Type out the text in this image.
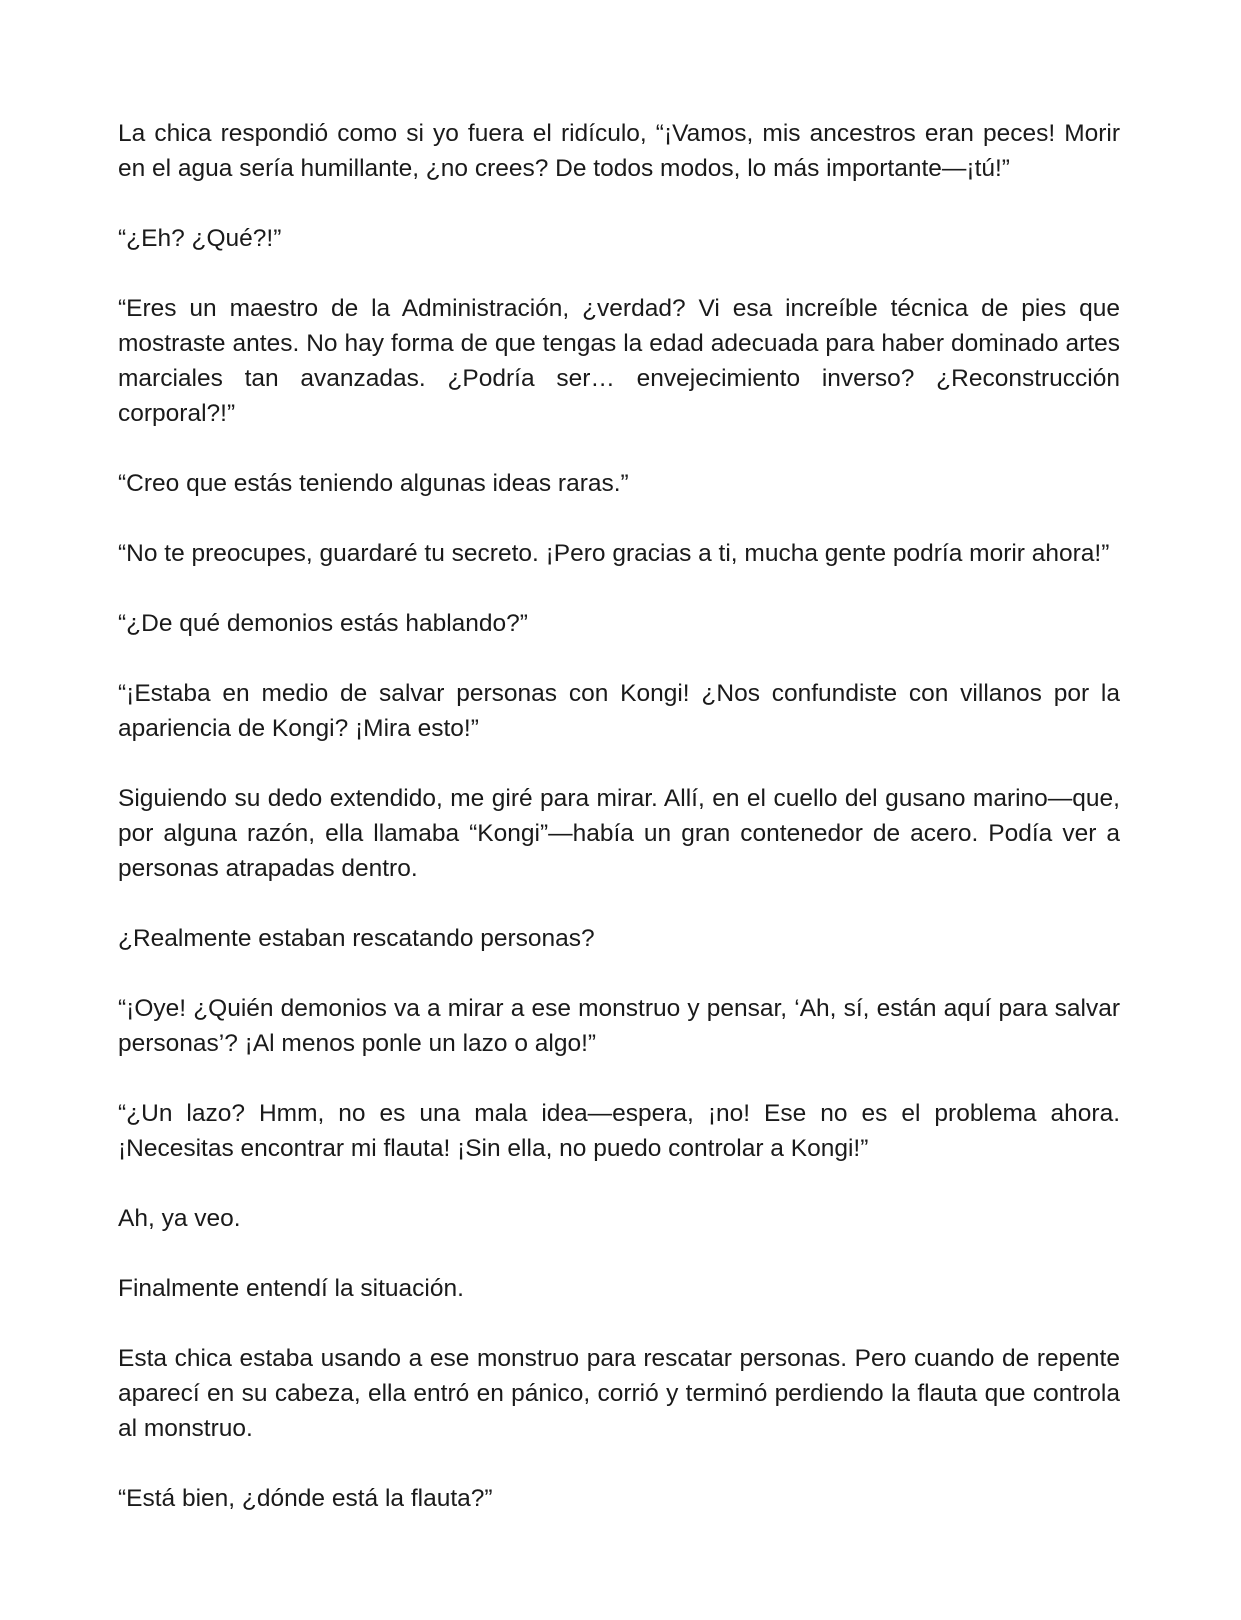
La chica respondió como si yo fuera el ridículo, “¡Vamos, mis ancestros eran peces! Morir en el agua sería humillante, ¿no crees? De todos modos, lo más importante—¡tú!”

“¿Eh? ¿Qué?!”

“Eres un maestro de la Administración, ¿verdad? Vi esa increíble técnica de pies que mostraste antes. No hay forma de que tengas la edad adecuada para haber dominado artes marciales tan avanzadas. ¿Podría ser… envejecimiento inverso? ¿Reconstrucción corporal?!”

“Creo que estás teniendo algunas ideas raras.”

“No te preocupes, guardaré tu secreto. ¡Pero gracias a ti, mucha gente podría morir ahora!”

“¿De qué demonios estás hablando?”

“¡Estaba en medio de salvar personas con Kongi! ¿Nos confundiste con villanos por la apariencia de Kongi? ¡Mira esto!”

Siguiendo su dedo extendido, me giré para mirar. Allí, en el cuello del gusano marino—que, por alguna razón, ella llamaba “Kongi”—había un gran contenedor de acero. Podía ver a personas atrapadas dentro.

¿Realmente estaban rescatando personas?

“¡Oye! ¿Quién demonios va a mirar a ese monstruo y pensar, ‘Ah, sí, están aquí para salvar personas’? ¡Al menos ponle un lazo o algo!”

“¿Un lazo? Hmm, no es una mala idea—espera, ¡no! Ese no es el problema ahora. ¡Necesitas encontrar mi flauta! ¡Sin ella, no puedo controlar a Kongi!”

Ah, ya veo.

Finalmente entendí la situación.

Esta chica estaba usando a ese monstruo para rescatar personas. Pero cuando de repente aparecí en su cabeza, ella entró en pánico, corrió y terminó perdiendo la flauta que controla al monstruo.

“Está bien, ¿dónde está la flauta?”
